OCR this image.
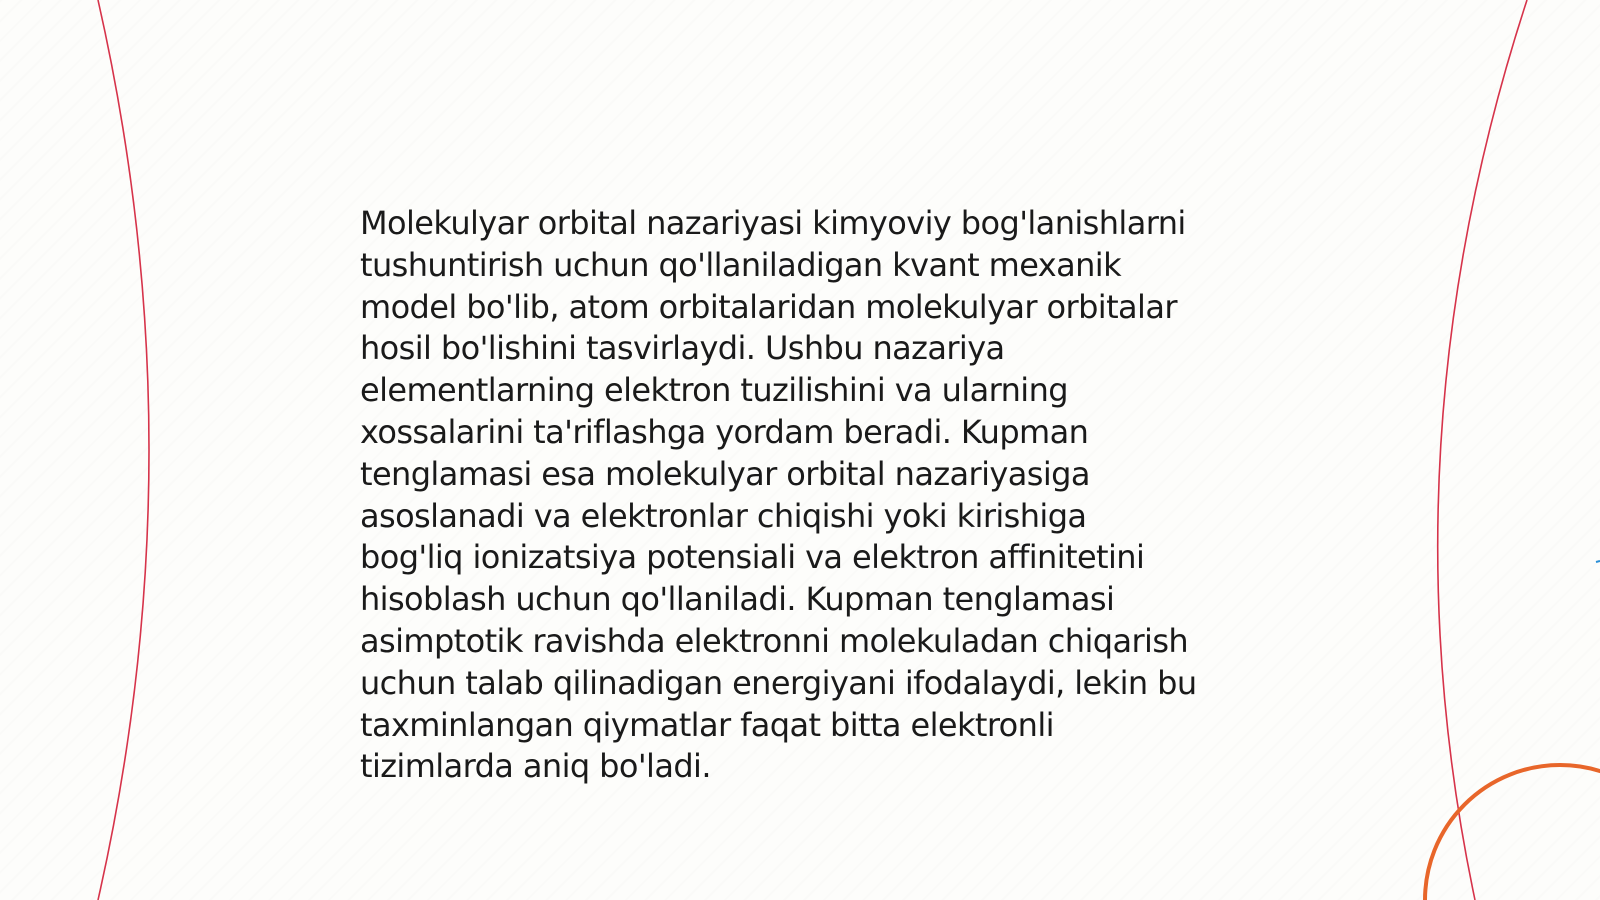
Molekulyar orbital nazariyasi kimyoviy bog'lanishlarni
tushuntirish uchun qo'llaniladigan kvant mexanik
model bo'lib, atom orbitalaridan molekulyar orbitalar
hosil bo'lishini tasvirlaydi. Ushbu nazariya
elementlarning elektron tuzilishini va ularning
xossalarini ta'riflashga yordam beradi. Kupman
tenglamasi esa molekulyar orbital nazariyasiga
asoslanadi va elektronlar chiqishi yoki kirishiga
bog'liq ionizatsiya potensiali va elektron affinitetini
hisoblash uchun qo'llaniladi. Kupman tenglamasi
asimptotik ravishda elektronni molekuladan chiqarish
uchun talab qilinadigan energiyani ifodalaydi, lekin bu
taxminlangan qiymatlar faqat bitta elektronli
tizimlarda aniq bo'ladi.
